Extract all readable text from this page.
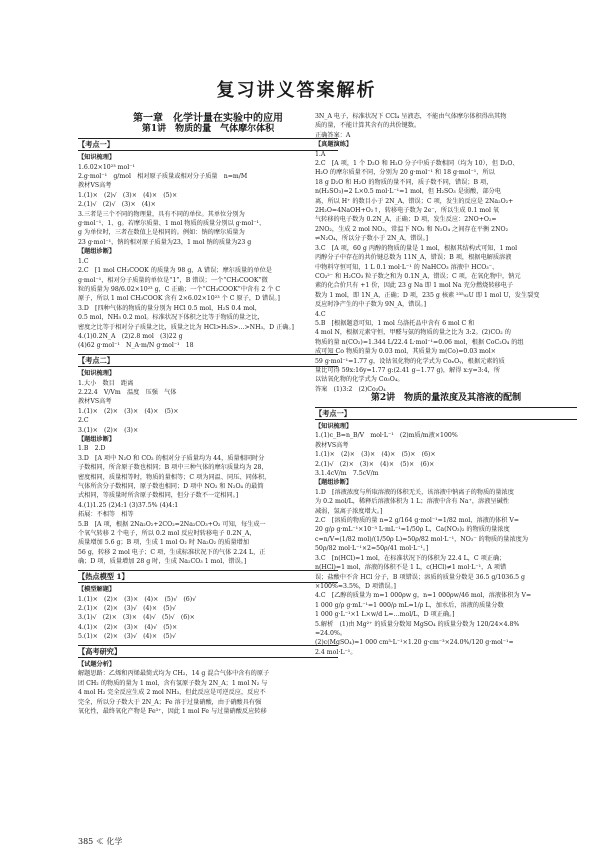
复习讲义答案解析
第一章　化学计量在实验中的应用
第1讲　物质的量　气体摩尔体积
【考点一】
【知识梳理】
1.6.02×10²³ mol⁻¹
2.g·mol⁻¹　g/mol　相对原子质量或相对分子质量　n=m/M
教材VS高考
1.(1)×　(2)√　(3)×　(4)×　(5)×
2.(1)√　(2)√　(3)×　(4)×
3.三者是三个不同的物理量，具有不同的单位。其单位分别为
g·mol⁻¹、1、g。若摩尔质量、1 mol 物质的质量分别以 g·mol⁻¹、
g 为单位时，三者在数值上是相同的。例如：钠的摩尔质量为
23 g·mol⁻¹，钠的相对原子质量为23，1 mol 钠的质量为23 g
【题组诊断】
1.C
2.C　[1 mol CH₃COOK 的质量为 98 g，A 错误；摩尔质量的单位是
g·mol⁻¹，相对分子质量的单位是“1”，B 错误；一个“CH₃COOK”微
粒的质量为 98/6.02×10²³ g，C 正确；一个“CH₃COOK”中含有 2 个 C
原子，所以 1 mol CH₃COOK 含有 2×6.02×10²³ 个 C 原子，D 错误。]
3.D　[四种气体的物质的量分别为 HCl 0.5 mol，H₂S 0.4 mol，
0.5 mol，NH₃ 0.2 mol。标准状况下体积之比等于物质的量之比，
密度之比等于相对分子质量之比，质量之比为 HCl>H₂S>…>NH₃，D 正确。]
4.(1)0.2N_A　(2)2.8 mol　(3)22 g
(4)62 g·mol⁻¹　N_A·m/N g·mol⁻¹　18
【考点二】
【知识梳理】
1.大小　数目　距离
2.22.4　V/Vm　温度　压强　气体
教材VS高考
1.(1)×　(2)×　(3)×　(4)×　(5)×
2.C
3.(1)×　(2)×　(3)×
【题组诊断】
1.B　2.D
3.D　[A 项中 N₂O 和 CO₂ 的相对分子质量均为 44，质量相同时分
子数相同，所含原子数也相同；B 项中三种气体的摩尔质量均为 28，
密度相同，质量相等时，物质的量相等；C 项为同温、同压、同体积，
气体所含分子数相同，原子数也相同；D 项中 NO₂ 和 N₂O₄ 的最简
式相同，等质量时所含原子数相同，但分子数不一定相同。]
4.(1)1.25 (2)4:1 (3)37.5% (4)4:1
拓展：不相等　相等
5.B　[A 项，根据 2Na₂O₂+2CO₂=2Na₂CO₃+O₂ 可知，每生成一
个氧气转移 2 个电子，所以 0.2 mol 反应时转移电子 0.2N_A，
质量增加 5.6 g；B 项，生成 1 mol O₂ 时 Na₂O₂ 的质量增加
56 g，转移 2 mol 电子；C 项，生成标准状况下的气体 2.24 L，正
确；D 项，质量增加 28 g 时，生成 Na₂CO₃ 1 mol，错误。]
【热点模型 1】
【模型解题】
1.(1)×　(2)×　(3)×　(4)×　(5)√　(6)√
2.(1)×　(2)×　(3)√　(4)×　(5)√
3.(1)√　(2)×　(3)×　(4)√　(5)√　(6)×
4.(1)×　(2)×　(3)×　(4)√　(5)×
5.(1)×　(2)×　(3)√　(4)×　(5)√
【高考研究】
【试题分析】
解题思路：乙烯和丙烯最简式均为 CH₂，14 g 混合气体中含有的原子
团 CH₂ 的物质的量为 1 mol，含有氢原子数为 2N_A；1 mol N₂ 与
4 mol H₂ 完全反应生成 2 mol NH₃，但此反应是可逆反应，反应不
完全，所以分子数大于 2N_A；Fe 溶于过量硝酸，由于硝酸具有强
氧化性，最终氧化产物是 Fe³⁺，因此 1 mol Fe 与过量硝酸反应转移
3N_A 电子，标准状况下 CCl₄ 呈液态，不能由气体摩尔体积得出其物
质的量，不能计算其含有的共价键数。
正确答案：A
【真题演练】
1.A
2.C　[A 项，1 个 D₂O 和 H₂O 分子中质子数相同（均为 10），但 D₂O、
H₂O 的摩尔质量不同，分别为 20 g·mol⁻¹ 和 18 g·mol⁻¹，所以
18 g D₂O 和 H₂O 的物质的量不同，质子数不同，错误；B 项，
n(H₂SO₃)=2 L×0.5 mol·L⁻¹=1 mol，但 H₂SO₃ 是弱酸，部分电
离，所以 H⁺ 的数目小于 2N_A，错误；C 项，发生的反应是 2Na₂O₂+
2H₂O=4NaOH+O₂↑，转移电子数为 2e⁻，所以生成 0.1 mol 氧
气转移的电子数为 0.2N_A，正确；D 项，发生反应：2NO+O₂=
2NO₂，生成 2 mol NO₂，常温下 NO₂ 和 N₂O₄ 之间存在平衡 2NO₂
⇌N₂O₄，所以分子数小于 2N_A，错误。]
3.C　[A 项，60 g 丙醇的物质的量是 1 mol，根据其结构式可知，1 mol
丙醇分子中存在的共价键总数为 11N_A，错误；B 项，根据电解质溶液
中物料守恒可知，1 L 0.1 mol·L⁻¹ 的 NaHCO₃ 溶液中 HCO₃⁻、
CO₃²⁻ 和 H₂CO₃ 粒子数之和为 0.1N_A，错误；C 项，在氧化物中，钠元
素的化合价只有 +1 价，因此 23 g Na 即 1 mol Na 充分燃烧转移电子
数为 1 mol，即 1N_A，正确；D 项，235 g 核素 ²³⁵₉₂U 即 1 mol U，发生裂变
反应时净产生的中子数为 9N_A，错误。]
4.C
5.B　[根据题意可知，1 mol 乌洛托品中含有 6 mol C 和
4 mol N，根据元素守恒，甲醛与氨的物质的量之比为 3:2。(2)CO₂ 的
物质的量 n(CO₂)=1.344 L/22.4 L·mol⁻¹=0.06 mol，根据 CoC₂O₄ 的组
成可知 Co 物质的量为 0.03 mol，其质量为 m(Co)=0.03 mol×
59 g·mol⁻¹=1.77 g，设钴氧化物的化学式为 CoₓOᵧ，根据元素的质
量比可得 59x:16y=1.77 g:(2.41 g−1.77 g)，解得 x:y=3:4，所
以钴氧化物的化学式为 Co₃O₄。
答案　(1)3:2　(2)Co₃O₄
第2讲　物质的量浓度及其溶液的配制
【考点一】
【知识梳理】
1.(1)c_B=n_B/V　mol·L⁻¹　(2)m质/m液×100%
教材VS高考
1.(1)×　(2)×　(3)×　(4)×　(5)×　(6)×
2.(1)√　(2)×　(3)×　(4)×　(5)×　(6)×
3.1.4cV/m　7.5cV/m
【题组诊断】
1.D　[溶液浓度与所取溶液的体积无关，该溶液中钠离子的物质的量浓度
为 0.2 mol/L，稀释后溶液体积为 1 L；溶液中含有 Na⁺，溶液呈碱性
减弱，氢离子浓度增大。]
2.C　[溶质的物质的量 n=2 g/164 g·mol⁻¹=1/82 mol，溶液的体积 V=
20 g/ρ g·mL⁻¹×10⁻³ L·mL⁻¹=1/50ρ L，Ca(NO₃)₂ 的物质的量浓度
c=n/V=(1/82 mol)/(1/50ρ L)=50ρ/82 mol·L⁻¹，NO₃⁻ 的物质的量浓度为
50ρ/82 mol·L⁻¹×2=50ρ/41 mol·L⁻¹。]
3.C　[n(HCl)=1 mol，在标准状况下的体积为 22.4 L，C 项正确；
n(HCl)=1 mol，溶液的体积不是 1 L，c(HCl)≠1 mol·L⁻¹，A 项错
误；盐酸中不含 HCl 分子，B 项错误；溶质的质量分数是 36.5 g/1036.5 g
×100%≈3.5%，D 项错误。]
4.C　[乙醇的质量为 m=1 000ρw g，n=1 000ρw/46 mol，溶液体积为 V=
1 000 g/ρ g·mL⁻¹=1 000/ρ mL=1/ρ L，加水后，溶液的质量分数
1 000 g·L⁻¹×1 L×w/d L=…mol/L，D 项正确。]
5.解析　(1)由 Mg²⁺ 的质量分数知 MgSO₄ 的质量分数为 120/24×4.8%
=24.0%。
(2)c(MgSO₄)=1 000 cm³·L⁻¹×1.20 g·cm⁻³×24.0%/120 g·mol⁻¹≈
2.4 mol·L⁻¹。
385 ≪ 化学
